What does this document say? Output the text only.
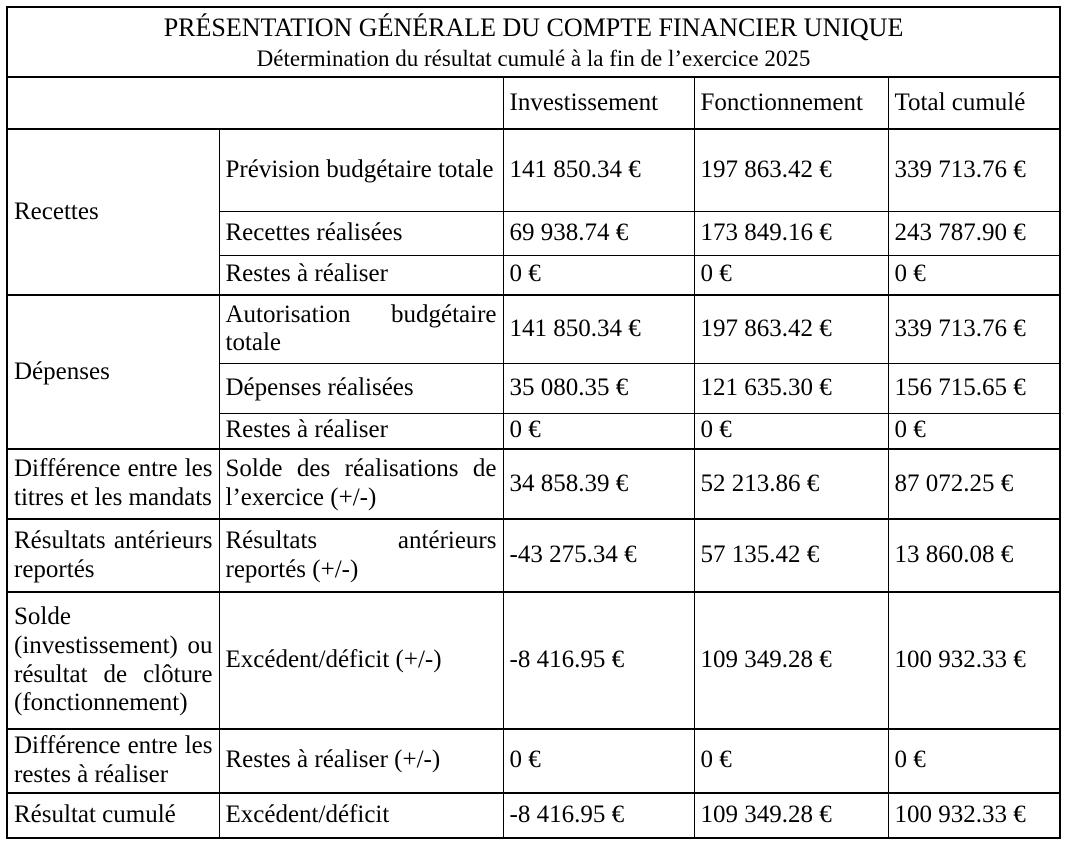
PRÉSENTATION GÉNÉRALE DU COMPTE FINANCIER UNIQUE
Détermination du résultat cumulé à la fin de l’exercice 2025				

		Investissement	Fonctionnement	Total cumulé
Recettes	Prévision budgétaire totale	141 850.34 €	197 863.42 €	339 713.76 €
	Recettes réalisées	69 938.74 €	173 849.16 €	243 787.90 €
	Restes à réaliser	0 €	0 €	0 €
Dépenses	Autorisation budgétaire totale	141 850.34 €	197 863.42 €	339 713.76 €
	Dépenses réalisées	35 080.35 €	121 635.30 €	156 715.65 €
	Restes à réaliser	0 €	0 €	0 €
Différence entre les titres et les mandats	Solde des réalisations de l’exercice (+/-)	34 858.39 €	52 213.86 €	87 072.25 €
Résultats antérieurs reportés	Résultats antérieurs reportés (+/-)	-43 275.34 €	57 135.42 €	13 860.08 €
Solde (investissement) ou résultat de clôture (fonctionnement)	Excédent/déficit (+/-)	-8 416.95 €	109 349.28 €	100 932.33 €
Différence entre les restes à réaliser	Restes à réaliser (+/-)	0 €	0 €	0 €
Résultat cumulé	Excédent/déficit	-8 416.95 €	109 349.28 €	100 932.33 €
